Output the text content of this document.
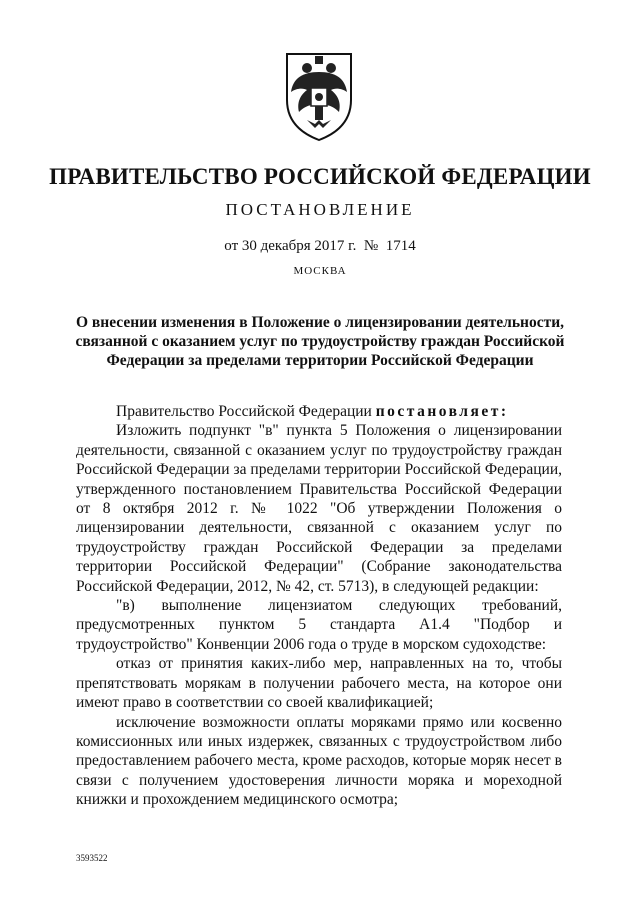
ПРАВИТЕЛЬСТВО РОССИЙСКОЙ ФЕДЕРАЦИИ
ПОСТАНОВЛЕНИЕ
от 30 декабря 2017 г. № 1714
МОСКВА
О внесении изменения в Положение о лицензировании деятельности, связанной с оказанием услуг по трудоустройству граждан Российской Федерации за пределами территории Российской Федерации

Правительство Российской Федерации постановляет:

Изложить подпункт "в" пункта 5 Положения о лицензировании деятельности, связанной с оказанием услуг по трудоустройству граждан Российской Федерации за пределами территории Российской Федерации, утвержденного постановлением Правительства Российской Федерации от 8 октября 2012 г. № 1022 "Об утверждении Положения о лицензировании деятельности, связанной с оказанием услуг по трудоустройству граждан Российской Федерации за пределами территории Российской Федерации" (Собрание законодательства Российской Федерации, 2012, № 42, ст. 5713), в следующей редакции:

"в) выполнение лицензиатом следующих требований, предусмотренных пунктом 5 стандарта А1.4 "Подбор и трудоустройство" Конвенции 2006 года о труде в морском судоходстве:

отказ от принятия каких-либо мер, направленных на то, чтобы препятствовать морякам в получении рабочего места, на которое они имеют право в соответствии со своей квалификацией;

исключение возможности оплаты моряками прямо или косвенно комиссионных или иных издержек, связанных с трудоустройством либо предоставлением рабочего места, кроме расходов, которые моряк несет в связи с получением удостоверения личности моряка и мореходной книжки и прохождением медицинского осмотра;

3593522
